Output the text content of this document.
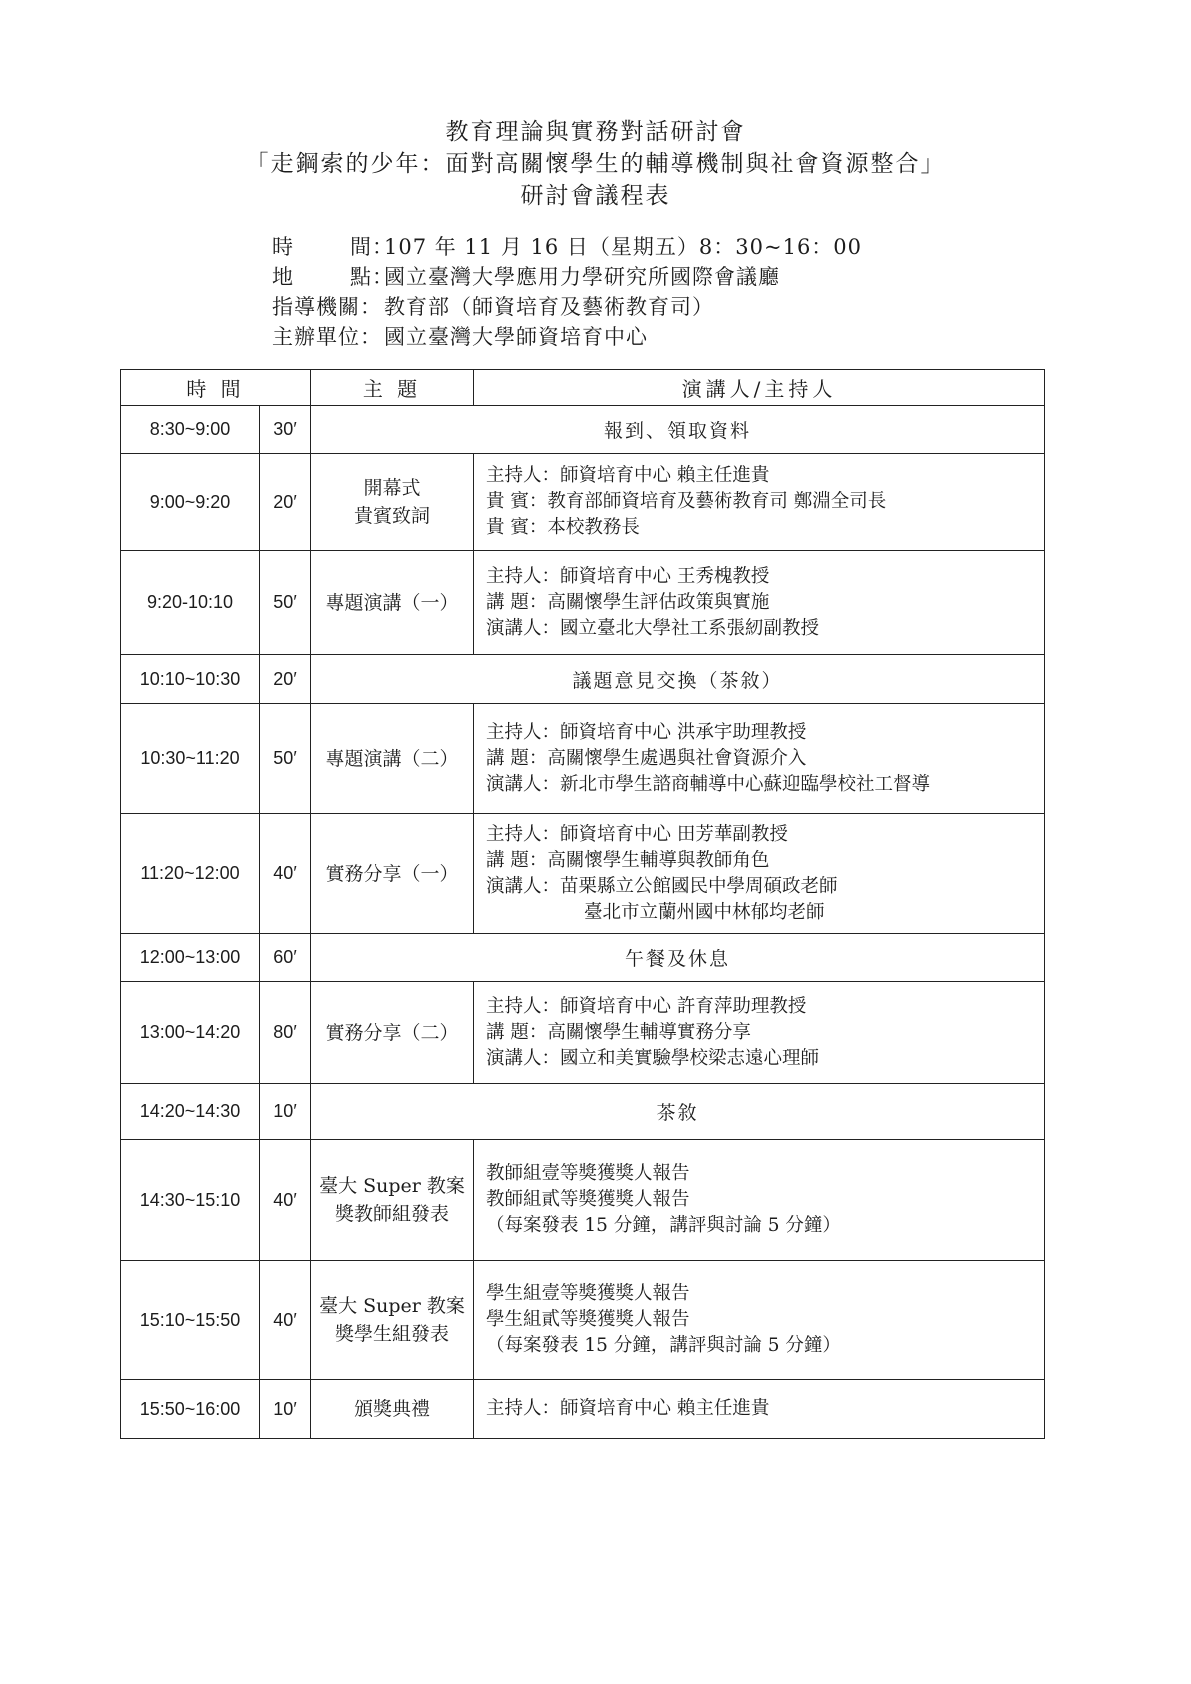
教育理論與實務對話研討會
「走鋼索的少年：面對高關懷學生的輔導機制與社會資源整合」
研討會議程表
時	間：107 年 11 月 16 日（星期五）8：30~16：00
地	點：國立臺灣大學應用力學研究所國際會議廳
指導機關：教育部（師資培育及藝術教育司）
主辦單位：國立臺灣大學師資培育中心
時 間		主 題	演講人/主持人
8:30~9:00	30′	報到、領取資料	
9:00~9:20	20′	開幕式
貴賓致詞	主持人：師資培育中心 賴主任進貴
貴 賓：教育部師資培育及藝術教育司 鄭淵全司長
貴 賓：本校教務長

9:20-10:10	50′	專題演講（一）	主持人：師資培育中心 王秀槐教授
講 題：高關懷學生評估政策與實施
演講人：國立臺北大學社工系張紉副教授

10:10~10:30	20′	議題意見交換（茶敘）	
10:30~11:20	50′	專題演講（二）	主持人：師資培育中心 洪承宇助理教授
講 題：高關懷學生處遇與社會資源介入
演講人：新北市學生諮商輔導中心蘇迎臨學校社工督導

11:20~12:00	40′	實務分享（一）	主持人：師資培育中心 田芳華副教授
講 題：高關懷學生輔導與教師角色
演講人：苗栗縣立公館國民中學周碩政老師
臺北市立蘭州國中林郁均老師

12:00~13:00	60′	午餐及休息	
13:00~14:20	80′	實務分享（二）	主持人：師資培育中心 許育萍助理教授
講 題：高關懷學生輔導實務分享
演講人：國立和美實驗學校梁志遠心理師

14:20~14:30	10′	茶敘	
14:30~15:10	40′	臺大 Super 教案
獎教師組發表	教師組壹等獎獲獎人報告
教師組貳等獎獲獎人報告
（每案發表 15 分鐘，講評與討論 5 分鐘）

15:10~15:50	40′	臺大 Super 教案
獎學生組發表	學生組壹等獎獲獎人報告
學生組貳等獎獲獎人報告
（每案發表 15 分鐘，講評與討論 5 分鐘）

15:50~16:00	10′	頒獎典禮	主持人：師資培育中心 賴主任進貴
